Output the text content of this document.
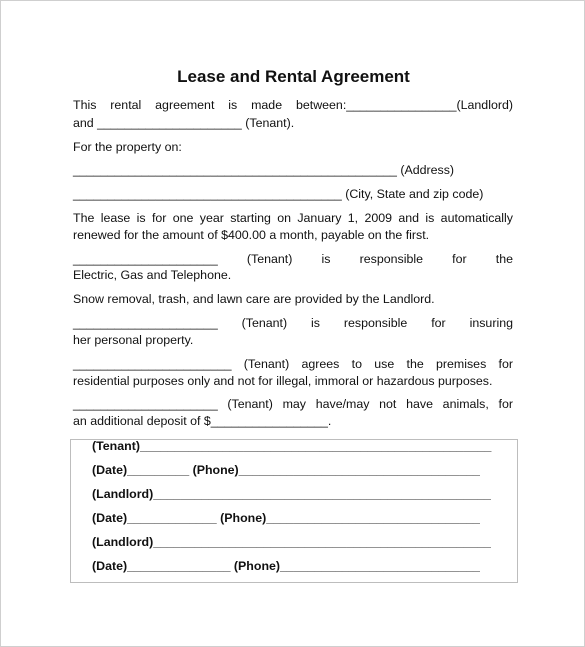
Lease and Rental Agreement
This rental agreement is made between:________________(Landlord)
and _____________________ (Tenant).
For the property on:
_______________________________________________ (Address)
_______________________________________ (City, State and zip code)
The lease is for one year starting on January 1, 2009 and is automatically
renewed for the amount of $400.00 a month, payable on the first.
_____________________ (Tenant) is responsible for the
Electric, Gas and Telephone.
Snow removal, trash, and lawn care are provided by the Landlord.
_____________________ (Tenant) is responsible for insuring
her personal property.
_______________________ (Tenant) agrees to use the premises for
residential purposes only and not for illegal, immoral or hazardous purposes.
_____________________ (Tenant) may have/may not have animals, for
an additional deposit of $_________________.
(Tenant)___________________________________________________
(Date)_________ (Phone)___________________________________
(Landlord)_________________________________________________
(Date)_____________ (Phone)_______________________________
(Landlord)_________________________________________________
(Date)_______________ (Phone)_____________________________
